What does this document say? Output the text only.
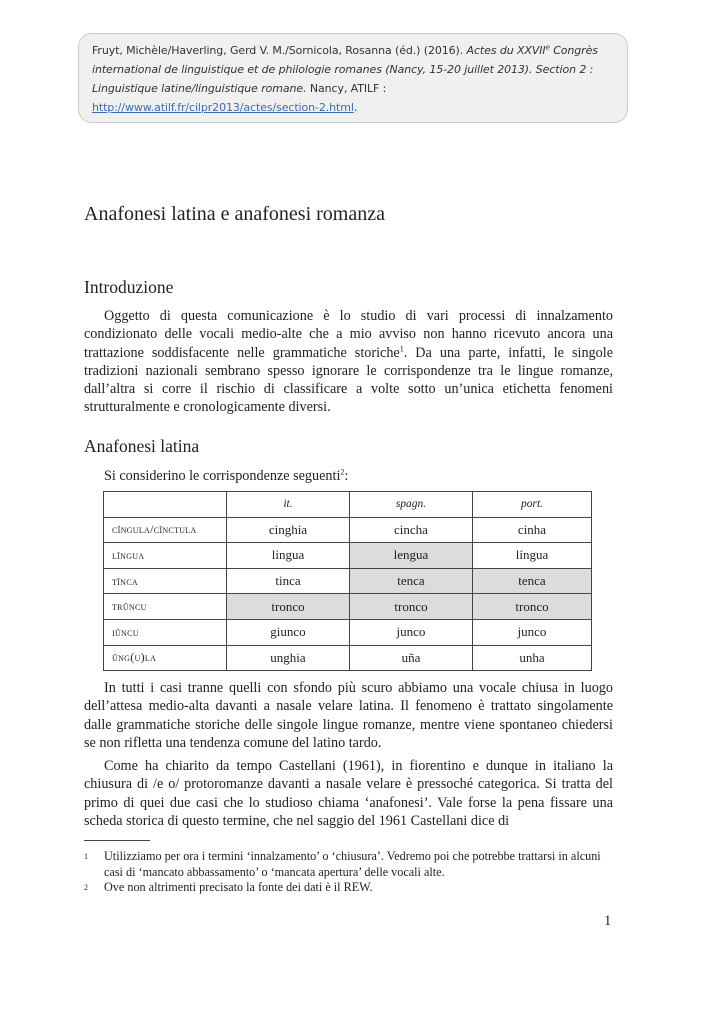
Fruyt, Michèle/Haverling, Gerd V. M./Sornicola, Rosanna (éd.) (2016). Actes du XXVIIe Congrès
international de linguistique et de philologie romanes (Nancy, 15-20 juillet 2013). Section 2 :
Linguistique latine/linguistique romane. Nancy, ATILF :
http://www.atilf.fr/cilpr2013/actes/section-2.html.
Anafonesi latina e anafonesi romanza
Introduzione

Oggetto di questa comunicazione è lo studio di vari processi di innalzamento condizionato delle vocali medio-alte che a mio avviso non hanno ricevuto ancora una trattazione soddisfacente nelle grammatiche storiche$^1$. Da una parte, infatti, le singole tradizioni nazionali sembrano spesso ignorare le corrispondenze tra le lingue romanze, dall’altra si corre il rischio di classificare a volte sotto un’unica etichetta fenomeni strutturalmente e cronologicamente diversi.

Anafonesi latina

Si considerino le corrispondenze seguenti$^2$:

	it.	spagn.	port.
cĭngula/cĭnctula	cinghia	cincha	cinha
lĭngua	lingua	lengua	língua
tĭnca	tinca	tenca	tenca
trŭncu	tronco	tronco	tronco
iŭncu	giunco	junco	junco
ŭng(u)la	unghia	uña	unha

In tutti i casi tranne quelli con sfondo più scuro abbiamo una vocale chiusa in luogo dell’attesa medio-alta davanti a nasale velare latina. Il fenomeno è trattato singolamente dalle grammatiche storiche delle singole lingue romanze, mentre viene spontaneo chiedersi se non rifletta una tendenza comune del latino tardo.

Come ha chiarito da tempo Castellani (1961), in fiorentino e dunque in italiano la chiusura di /e o/ protoromanze davanti a nasale velare è pressoché categorica. Si tratta del primo di quei due casi che lo studioso chiama ‘anafonesi’. Vale forse la pena fissare una scheda storica di questo termine, che nel saggio del 1961 Castellani dice di

1 Utilizziamo per ora i termini ‘innalzamento’ o ‘chiusura’. Vedremo poi che potrebbe trattarsi in alcuni casi di ‘mancato abbassamento’ o ‘mancata apertura’ delle vocali alte.
2 Ove non altrimenti precisato la fonte dei dati è il REW.
1
